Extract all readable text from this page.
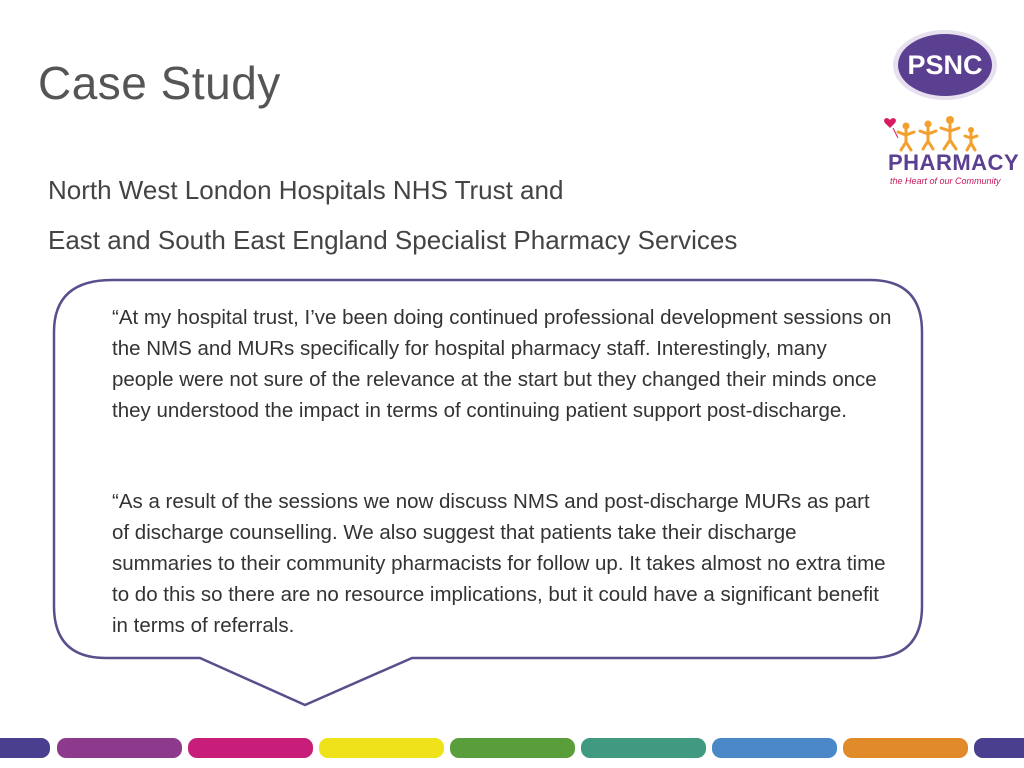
Case Study
North West London Hospitals NHS Trust and
East and South East England Specialist Pharmacy Services
PSNC
PHARMACY
the Heart of our Community
“At my hospital trust, I’ve been doing continued professional development sessions on the NMS and MURs specifically for hospital pharmacy staff. Interestingly, many people were not sure of the relevance at the start but they changed their minds once they understood the impact in terms of continuing patient support post-discharge.
“As a result of the sessions we now discuss NMS and post-discharge MURs as part of discharge counselling. We also suggest that patients take their discharge summaries to their community pharmacists for follow up. It takes almost no extra time to do this so there are no resource implications, but it could have a significant benefit in terms of referrals.
